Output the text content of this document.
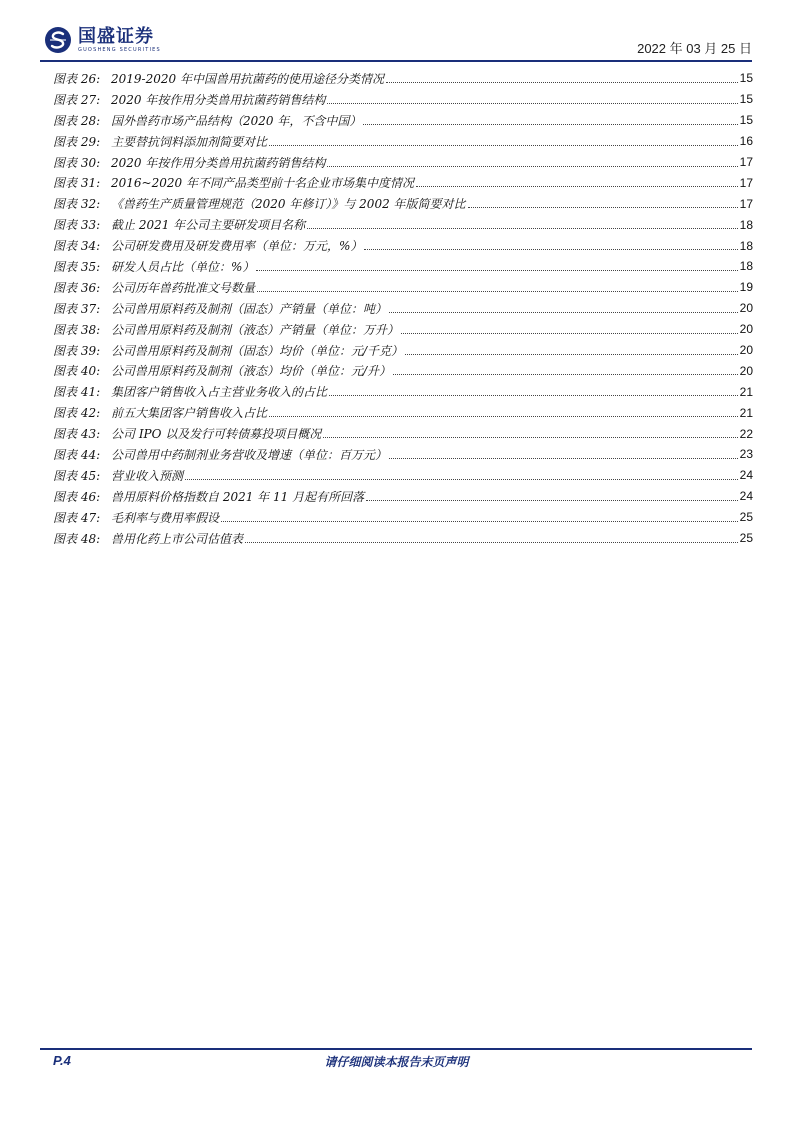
国盛证券
GUOSHENG SECURITIES	2022 年 03 月 25 日
图表 26: 2019-2020 年中国兽用抗菌药的使用途径分类情况	15
图表 27: 2020 年按作用分类兽用抗菌药销售结构	15
图表 28: 国外兽药市场产品结构（2020 年，不含中国）	15
图表 29: 主要替抗饲料添加剂简要对比	16
图表 30: 2020 年按作用分类兽用抗菌药销售结构	17
图表 31: 2016~2020 年不同产品类型前十名企业市场集中度情况	17
图表 32: 《兽药生产质量管理规范（2020 年修订）》与 2002 年版简要对比	17
图表 33: 截止 2021 年公司主要研发项目名称	18
图表 34: 公司研发费用及研发费用率（单位：万元，%）	18
图表 35: 研发人员占比（单位：%）	18
图表 36: 公司历年兽药批准文号数量	19
图表 37: 公司兽用原料药及制剂（固态）产销量（单位：吨）	20
图表 38: 公司兽用原料药及制剂（液态）产销量（单位：万升）	20
图表 39: 公司兽用原料药及制剂（固态）均价（单位：元/千克）	20
图表 40: 公司兽用原料药及制剂（液态）均价（单位：元/升）	20
图表 41: 集团客户销售收入占主营业务收入的占比	21
图表 42: 前五大集团客户销售收入占比	21
图表 43: 公司 IPO 以及发行可转债募投项目概况	22
图表 44: 公司兽用中药制剂业务营收及增速（单位：百万元）	23
图表 45: 营业收入预测	24
图表 46: 兽用原料价格指数自 2021 年 11 月起有所回落	24
图表 47: 毛利率与费用率假设	25
图表 48: 兽用化药上市公司估值表	25
请仔细阅读本报告末页声明
P.4
